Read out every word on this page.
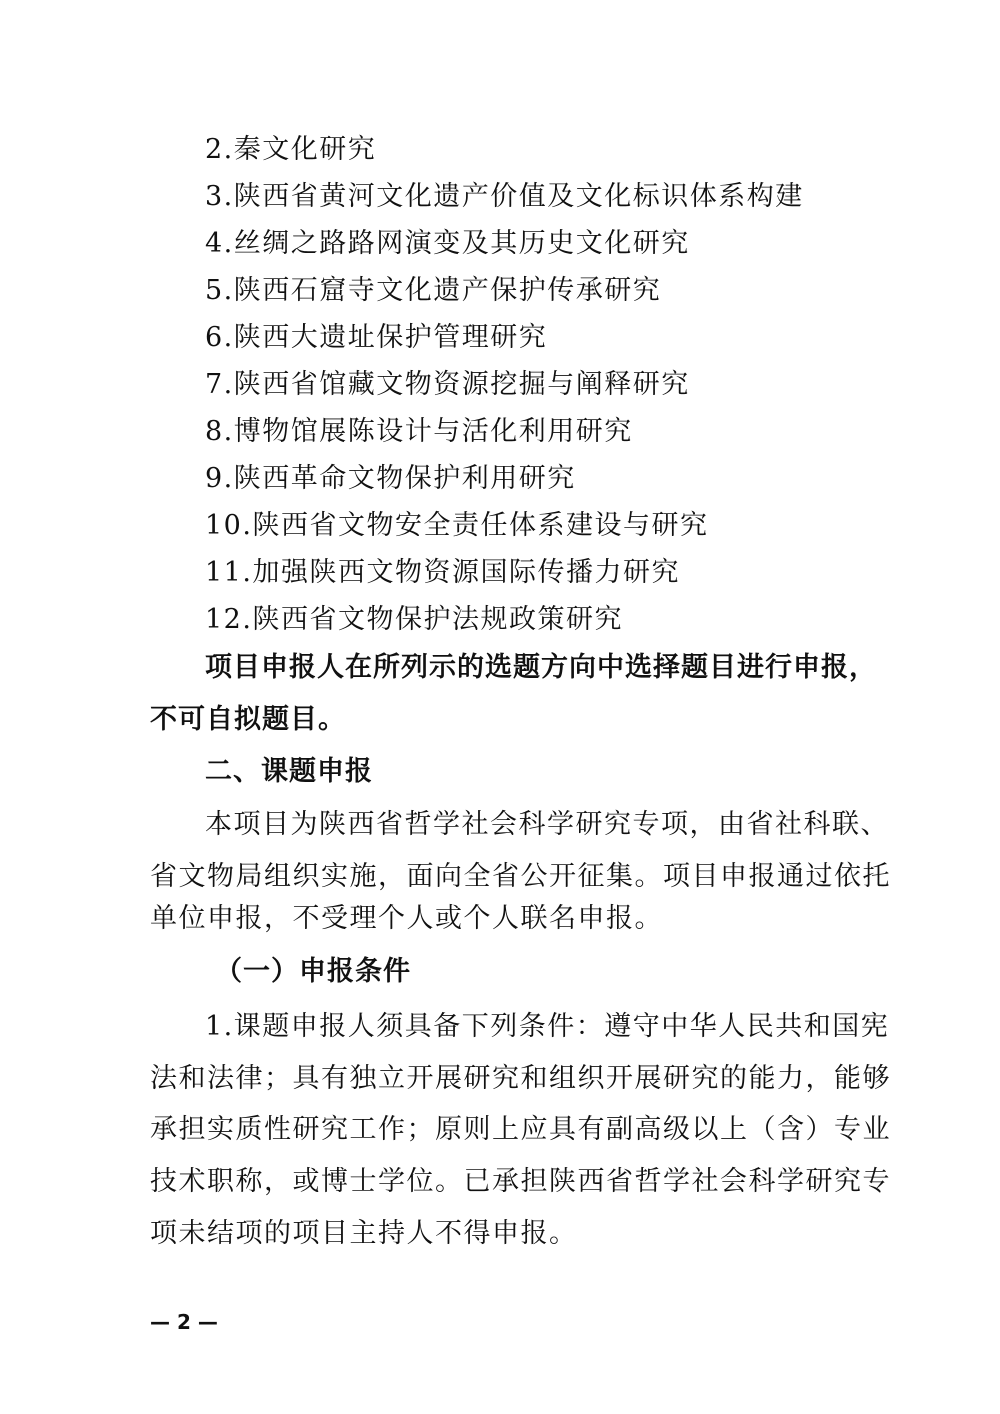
2.秦文化研究
3.陕西省黄河文化遗产价值及文化标识体系构建
4.丝绸之路路网演变及其历史文化研究
5.陕西石窟寺文化遗产保护传承研究
6.陕西大遗址保护管理研究
7.陕西省馆藏文物资源挖掘与阐释研究
8.博物馆展陈设计与活化利用研究
9.陕西革命文物保护利用研究
10.陕西省文物安全责任体系建设与研究
11.加强陕西文物资源国际传播力研究
12.陕西省文物保护法规政策研究
项目申报人在所列示的选题方向中选择题目进行申报，
不可自拟题目。
二、课题申报
本项目为陕西省哲学社会科学研究专项，由省社科联、
省文物局组织实施，面向全省公开征集。项目申报通过依托
单位申报，不受理个人或个人联名申报。
（一）申报条件
1.课题申报人须具备下列条件：遵守中华人民共和国宪
法和法律；具有独立开展研究和组织开展研究的能力，能够
承担实质性研究工作；原则上应具有副高级以上（含）专业
技术职称，或博士学位。已承担陕西省哲学社会科学研究专
项未结项的项目主持人不得申报。
— 2 —
